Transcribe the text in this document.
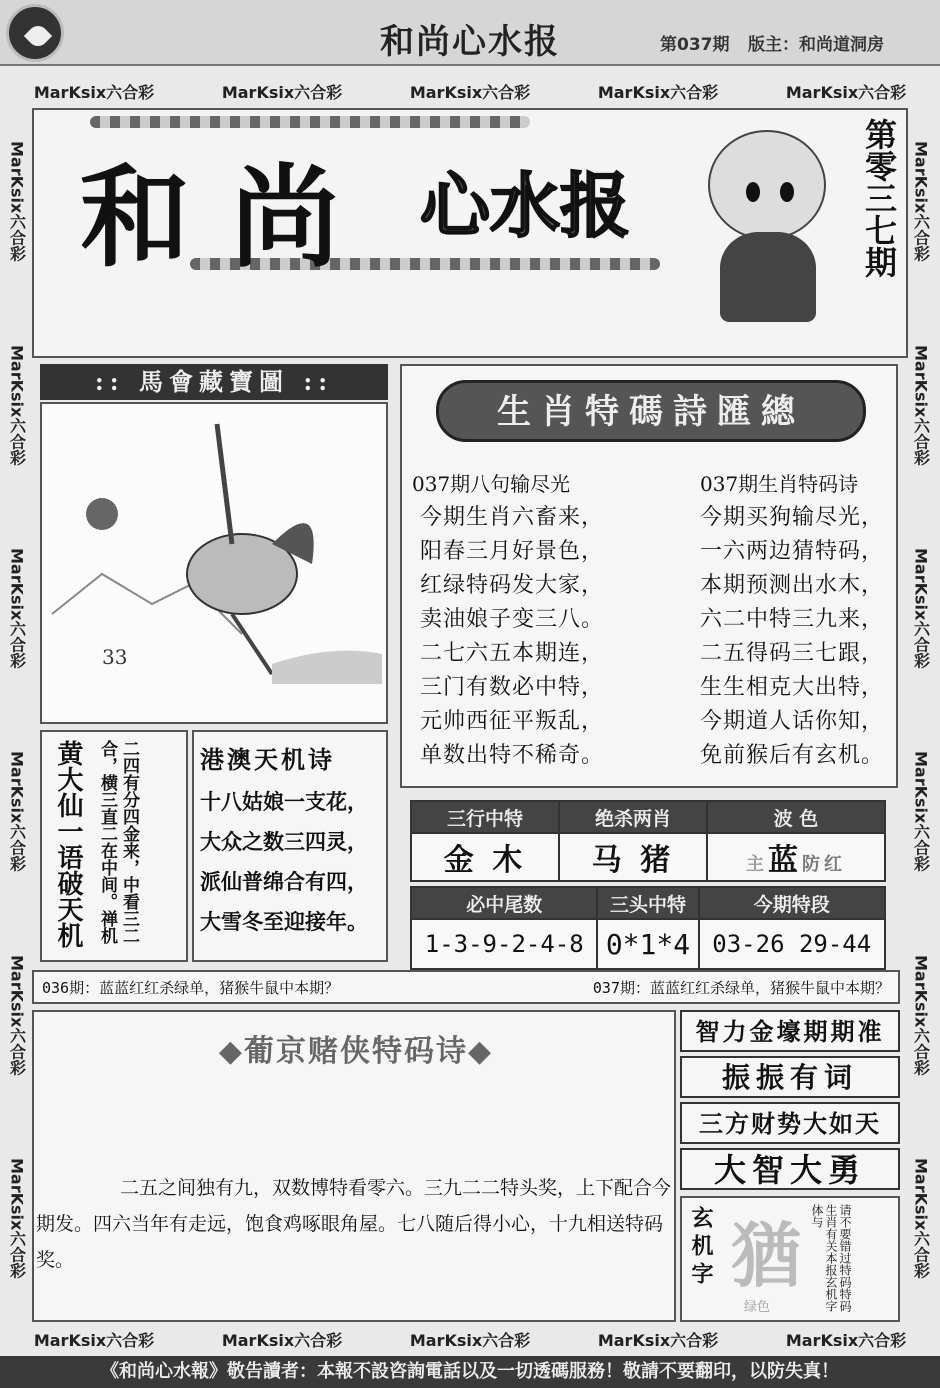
和尚心水报	第037期 版主：和尚道洞房
MarKsix六合彩	MarKsix六合彩	MarKsix六合彩	MarKsix六合彩	MarKsix六合彩
MarKsix六合彩	MarKsix六合彩	MarKsix六合彩	MarKsix六合彩	MarKsix六合彩
MarKsix六合彩
MarKsix六合彩
MarKsix六合彩
MarKsix六合彩
MarKsix六合彩
MarKsix六合彩
MarKsix六合彩
MarKsix六合彩
MarKsix六合彩
MarKsix六合彩
MarKsix六合彩
MarKsix六合彩
和尚 心水报	第零三七期
:: 馬會藏寶圖 ::
33
黄大仙一语破天机	二四有分四金来，中看三二合，横三直二在中间。禅机
港澳天机诗
十八姑娘一支花，
大众之数三四灵，
派仙普绵合有四，
大雪冬至迎接年。
生肖特碼詩匯總
037期八句输尽光
今期生肖六畜来，
阳春三月好景色，
红绿特码发大家，
卖油娘子变三八。
二七六五本期连，
三门有数必中特，
元帅西征平叛乱，
单数出特不稀奇。
037期生肖特码诗
今期买狗输尽光，
一六两边猜特码，
本期预测出水木，
六二中特三九来，
二五得码三七跟，
生生相克大出特，
今期道人话你知，
免前猴后有玄机。
三行中特	绝杀两肖	波 色
金 木	马 猪	主蓝防红
必中尾数	三头中特	今期特段
1-3-9-2-4-8	0*1*4	03-26 29-44
036期：蓝蓝红红杀绿单，猪猴牛鼠中本期？	037期：蓝蓝红红杀绿单，猪猴牛鼠中本期？
◆葡京赌侠特码诗◆
二五之间独有九，双数博特看零六。三九二二特头奖，上下配合今期发。四六当年有走远，饱食鸡啄眼角屋。七八随后得小心，十九相送特码奖。
智力金壕期期准
振振有词
三方财势大如天
大智大勇
玄机字 猶
绿色
请不要错过特码特码生肖有关本报玄机字体与
《和尚心水報》敬告讀者：本報不設咨詢電話以及一切透碼服務！敬請不要翻印，以防失真！
